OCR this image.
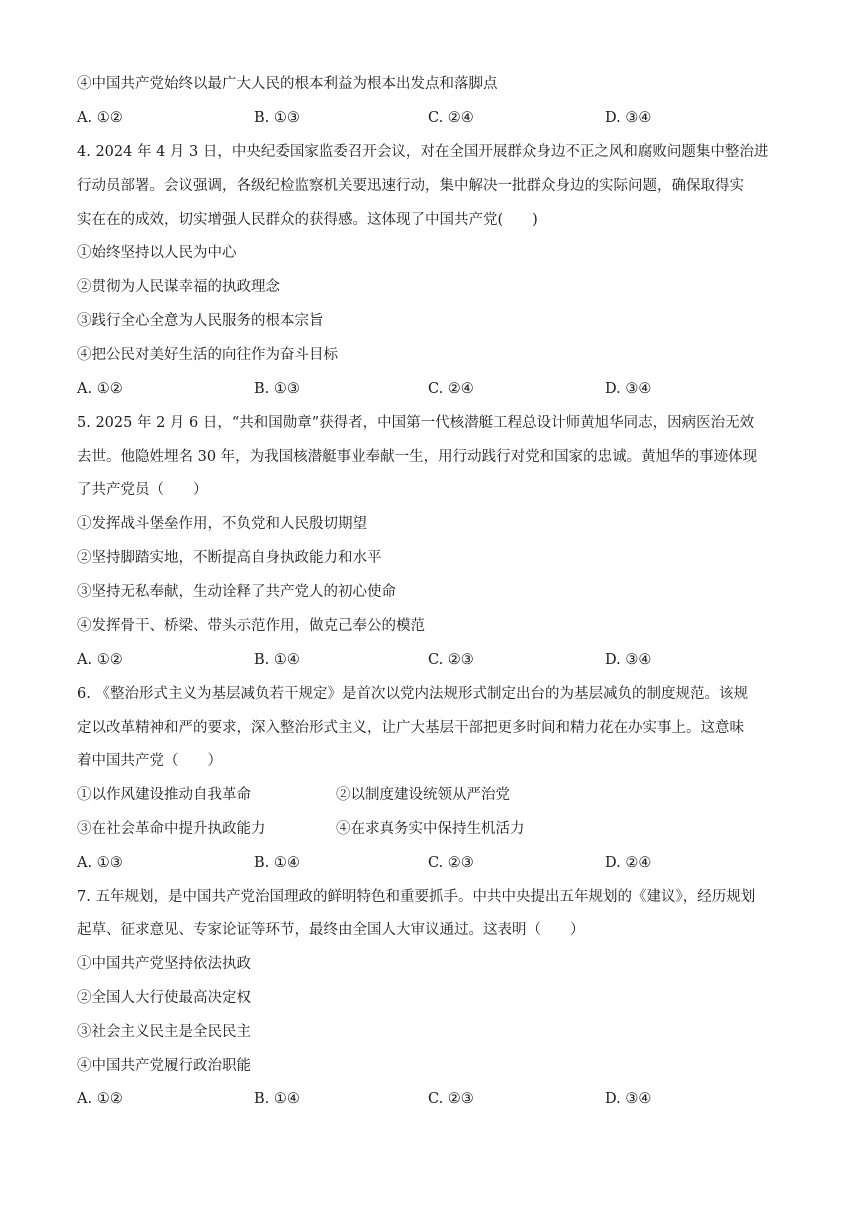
④中国共产党始终以最广大人民的根本利益为根本出发点和落脚点
A. ①②	B. ①③	C. ②④	D. ③④
4. 2024 年 4 月 3 日，中央纪委国家监委召开会议，对在全国开展群众身边不正之风和腐败问题集中整治进
行动员部署。会议强调，各级纪检监察机关要迅速行动，集中解决一批群众身边的实际问题，确保取得实
实在在的成效，切实增强人民群众的获得感。这体现了中国共产党(　　)
①始终坚持以人民为中心
②贯彻为人民谋幸福的执政理念
③践行全心全意为人民服务的根本宗旨
④把公民对美好生活的向往作为奋斗目标
A. ①②	B. ①③	C. ②④	D. ③④
5. 2025 年 2 月 6 日，“共和国勋章”获得者，中国第一代核潜艇工程总设计师黄旭华同志，因病医治无效
去世。他隐姓埋名 30 年，为我国核潜艇事业奉献一生，用行动践行对党和国家的忠诚。黄旭华的事迹体现
了共产党员（　　）
①发挥战斗堡垒作用，不负党和人民殷切期望
②坚持脚踏实地，不断提高自身执政能力和水平
③坚持无私奉献，生动诠释了共产党人的初心使命
④发挥骨干、桥梁、带头示范作用，做克己奉公的模范
A. ①②	B. ①④	C. ②③	D. ③④
6. 《整治形式主义为基层减负若干规定》是首次以党内法规形式制定出台的为基层减负的制度规范。该规
定以改革精神和严的要求，深入整治形式主义，让广大基层干部把更多时间和精力花在办实事上。这意味
着中国共产党（　　）
①以作风建设推动自我革命	②以制度建设统领从严治党
③在社会革命中提升执政能力	④在求真务实中保持生机活力
A. ①③	B. ①④	C. ②③	D. ②④
7. 五年规划，是中国共产党治国理政的鲜明特色和重要抓手。中共中央提出五年规划的《建议》，经历规划
起草、征求意见、专家论证等环节，最终由全国人大审议通过。这表明（　　）
①中国共产党坚持依法执政
②全国人大行使最高决定权
③社会主义民主是全民民主
④中国共产党履行政治职能
A. ①②	B. ①④	C. ②③	D. ③④
